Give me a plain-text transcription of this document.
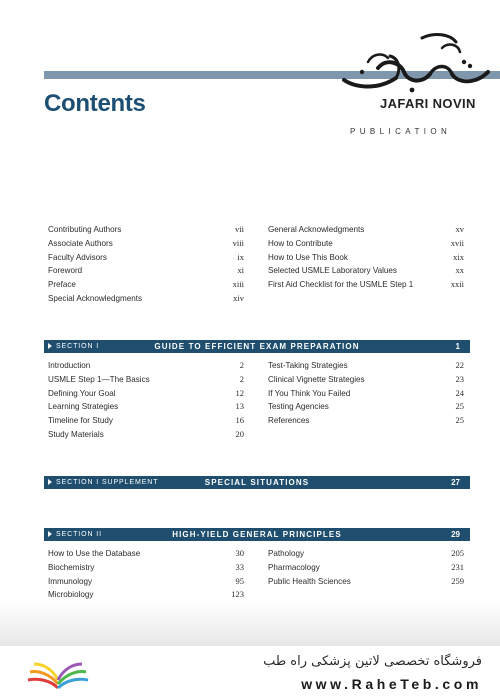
Contents	JAFARI NOVIN
PUBLICATION
Contributing Authors	vii
Associate Authors	viii
Faculty Advisors	ix
Foreword	xi
Preface	xiii
Special Acknowledgments	xiv
General Acknowledgments	xv
How to Contribute	xvii
How to Use This Book	xix
Selected USMLE Laboratory Values	xx
First Aid Checklist for the USMLE Step 1	xxii
SECTION I	GUIDE TO EFFICIENT EXAM PREPARATION	1
Introduction	2
USMLE Step 1—The Basics	2
Defining Your Goal	12
Learning Strategies	13
Timeline for Study	16
Study Materials	20
Test-Taking Strategies	22
Clinical Vignette Strategies	23
If You Think You Failed	24
Testing Agencies	25
References	25
SECTION I SUPPLEMENT	SPECIAL SITUATIONS	27
SECTION II	HIGH-YIELD GENERAL PRINCIPLES	29
How to Use the Database	30
Biochemistry	33
Immunology	95
Microbiology	123
Pathology	205
Pharmacology	231
Public Health Sciences	259
فروشگاه تخصصی لاتین پزشکی راه طب
www.RaheTeb.com
